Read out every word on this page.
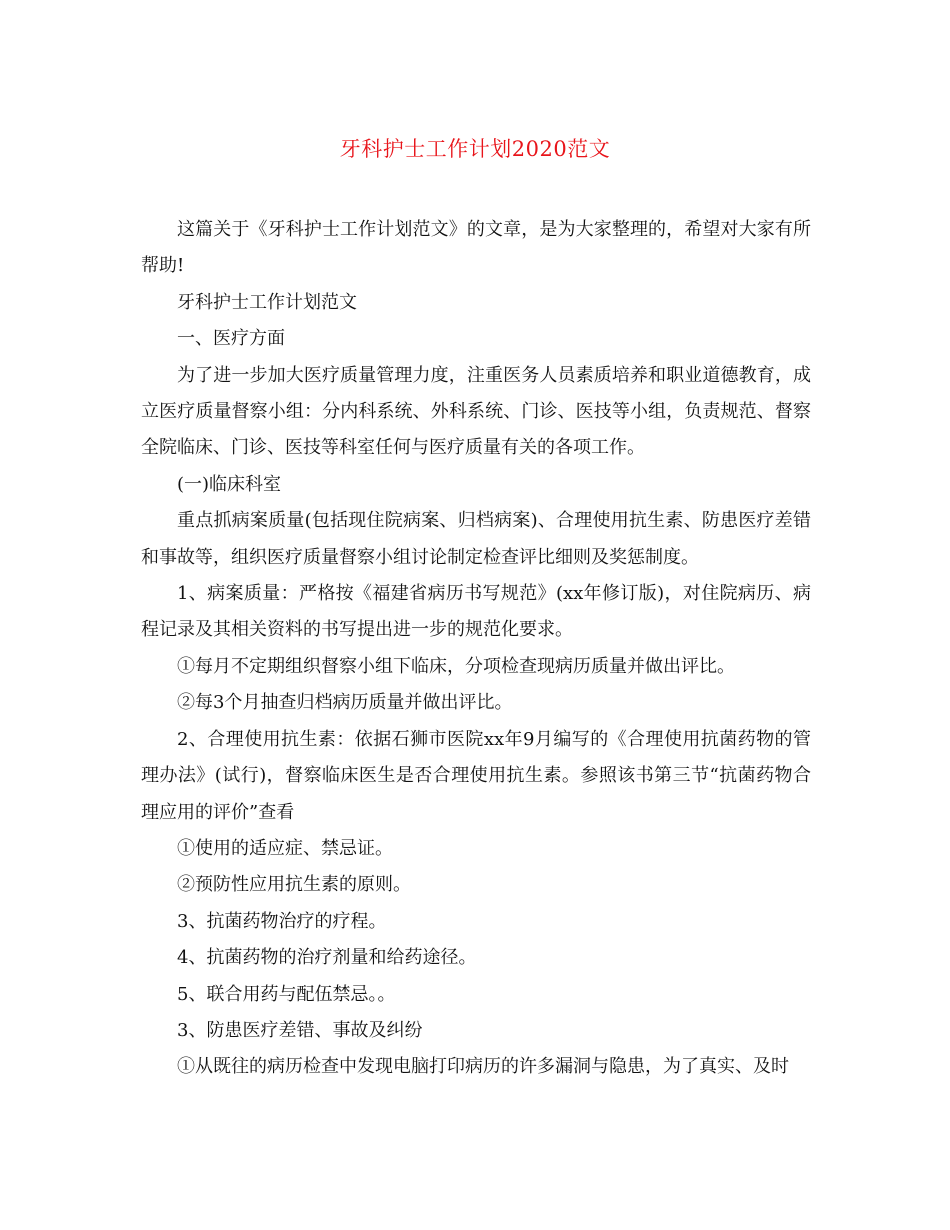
牙科护士工作计划2020范文

这篇关于《牙科护士工作计划范文》的文章，是为大家整理的，希望对大家有所帮助!

牙科护士工作计划范文

一、医疗方面

为了进一步加大医疗质量管理力度，注重医务人员素质培养和职业道德教育，成立医疗质量督察小组：分内科系统、外科系统、门诊、医技等小组，负责规范、督察全院临床、门诊、医技等科室任何与医疗质量有关的各项工作。

(一)临床科室

重点抓病案质量(包括现住院病案、归档病案)、合理使用抗生素、防患医疗差错和事故等，组织医疗质量督察小组讨论制定检查评比细则及奖惩制度。

1、病案质量：严格按《福建省病历书写规范》(xx年修订版)，对住院病历、病程记录及其相关资料的书写提出进一步的规范化要求。

①每月不定期组织督察小组下临床，分项检查现病历质量并做出评比。

②每3个月抽查归档病历质量并做出评比。

2、合理使用抗生素：依据石狮市医院xx年9月编写的《合理使用抗菌药物的管理办法》(试行)，督察临床医生是否合理使用抗生素。参照该书第三节“抗菌药物合理应用的评价”查看

①使用的适应症、禁忌证。

②预防性应用抗生素的原则。

3、抗菌药物治疗的疗程。

4、抗菌药物的治疗剂量和给药途径。

5、联合用药与配伍禁忌。。

3、防患医疗差错、事故及纠纷

①从既往的病历检查中发现电脑打印病历的许多漏洞与隐患，为了真实、及时
